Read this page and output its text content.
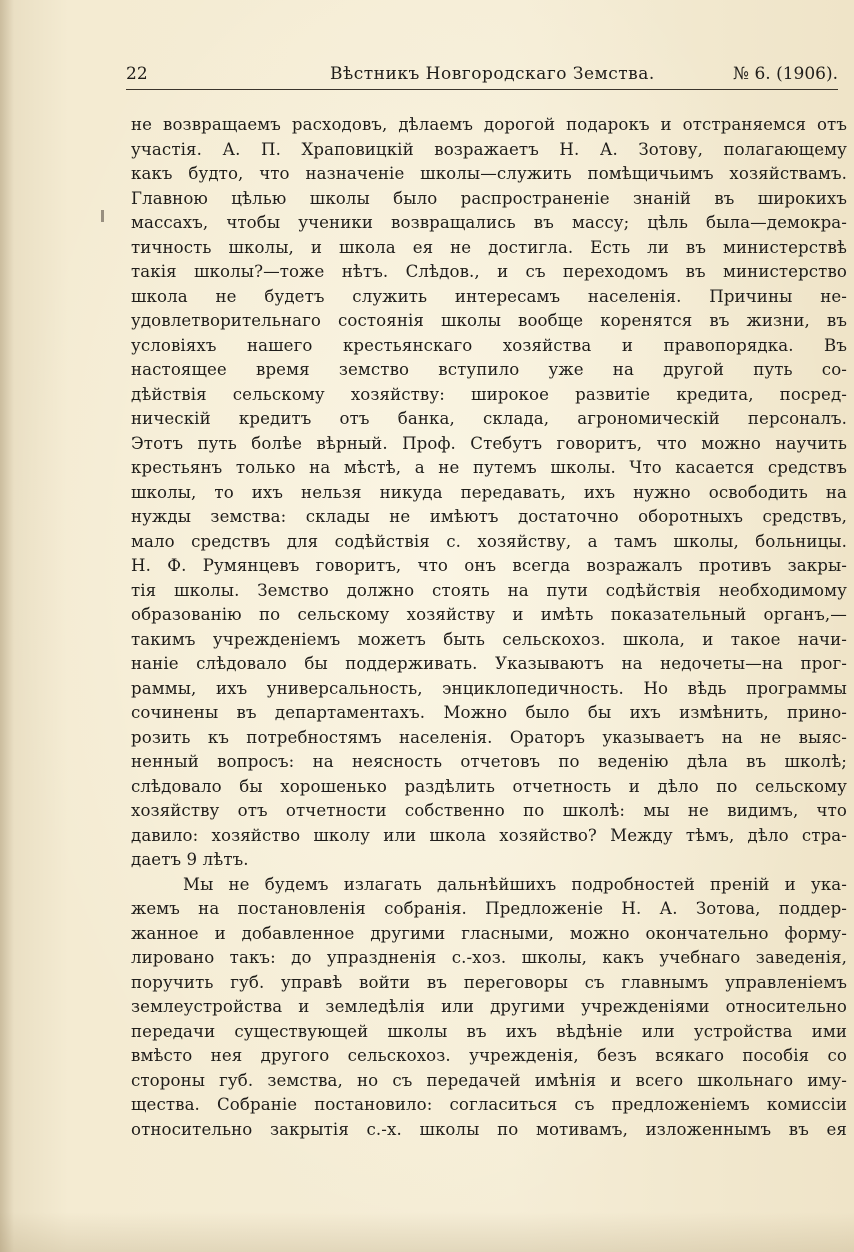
22	Вѣстникъ Новгородскаго Земства.	№ 6. (1906).
не возвращаемъ расходовъ, дѣлаемъ дорогой подарокъ и отстраняемся отъ
участія. А. П. Храповицкій возражаетъ Н. А. Зотову, полагающему
какъ будто, что назначеніе школы—служить помѣщичьимъ хозяйствамъ.
Главною цѣлью школы было распространеніе знаній въ широкихъ
массахъ, чтобы ученики возвращались въ массу; цѣль была—демокра-
тичность школы, и школа ея не достигла. Есть ли въ министерствѣ
такія школы?—тоже нѣтъ. Слѣдов., и съ переходомъ въ министерство
школа не будетъ служить интересамъ населенія. Причины не-
удовлетворительнаго состоянія школы вообще коренятся въ жизни, въ
условіяхъ нашего крестьянскаго хозяйства и правопорядка. Въ
настоящее время земство вступило уже на другой путь со-
дѣйствія сельскому хозяйству: широкое развитіе кредита, посред-
ническій кредитъ отъ банка, склада, агрономическій персоналъ.
Этотъ путь болѣе вѣрный. Проф. Стебутъ говоритъ, что можно научить
крестьянъ только на мѣстѣ, а не путемъ школы. Что касается средствъ
школы, то ихъ нельзя никуда передавать, ихъ нужно освободить на
нужды земства: склады не имѣютъ достаточно оборотныхъ средствъ,
мало средствъ для содѣйствія с. хозяйству, а тамъ школы, больницы.
Н. Ф. Румянцевъ говоритъ, что онъ всегда возражалъ противъ закры-
тія школы. Земство должно стоять на пути содѣйствія необходимому
образованію по сельскому хозяйству и имѣть показательный органъ,—
такимъ учрежденіемъ можетъ быть сельскохоз. школа, и такое начи-
наніе слѣдовало бы поддерживать. Указываютъ на недочеты—на прог-
раммы, ихъ универсальность, энциклопедичность. Но вѣдь программы
сочинены въ департаментахъ. Можно было бы ихъ измѣнить, прино-
розить къ потребностямъ населенія. Ораторъ указываетъ на не выяс-
ненный вопросъ: на неясность отчетовъ по веденію дѣла въ школѣ;
слѣдовало бы хорошенько раздѣлить отчетность и дѣло по сельскому
хозяйству отъ отчетности собственно по школѣ: мы не видимъ, что
давило: хозяйство школу или школа хозяйство? Между тѣмъ, дѣло стра-
даетъ 9 лѣтъ.
Мы не будемъ излагать дальнѣйшихъ подробностей преній и ука-
жемъ на постановленія собранія. Предложеніе Н. А. Зотова, поддер-
жанное и добавленное другими гласными, можно окончательно форму-
лировано такъ: до упраздненія с.-хоз. школы, какъ учебнаго заведенія,
поручить губ. управѣ войти въ переговоры съ главнымъ управленіемъ
землеустройства и земледѣлія или другими учрежденіями относительно
передачи существующей школы въ ихъ вѣдѣніе или устройства ими
вмѣсто нея другого сельскохоз. учрежденія, безъ всякаго пособія со
стороны губ. земства, но съ передачей имѣнія и всего школьнаго иму-
щества. Собраніе постановило: согласиться съ предложеніемъ комиссіи
относительно закрытія с.-х. школы по мотивамъ, изложеннымъ въ ея
